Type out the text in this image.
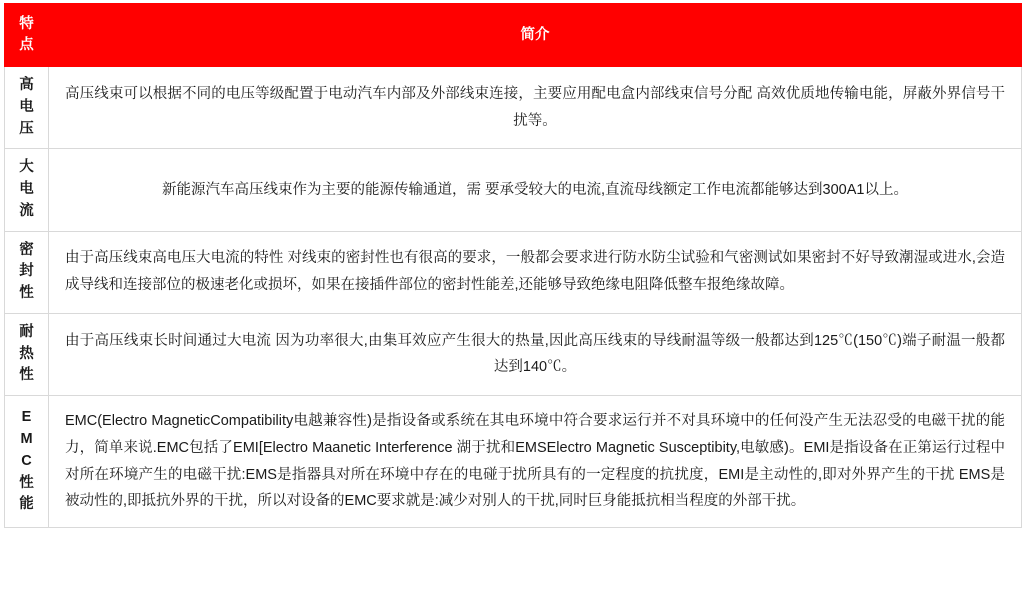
特点	简介
高电压	高压线束可以根据不同的电压等级配置于电动汽车内部及外部线束连接，主要应用配电盒内部线束信号分配 高效优质地传输电能，屏蔽外界信号干扰等。
大电流	新能源汽车高压线束作为主要的能源传输通道，需 要承受较大的电流,直流母线额定工作电流都能够达到300A1以上。
密封性	由于高压线束高电压大电流的特性 对线束的密封性也有很高的要求，一般都会要求进行防水防尘试验和气密测试如果密封不好导致潮湿或进水,会造成导线和连接部位的极速老化或损坏，如果在接插件部位的密封性能差,还能够导致绝缘电阻降低整车报绝缘故障。
耐热性	由于高压线束长时间通过大电流 因为功率很大,由集耳效应产生很大的热量,因此高压线束的导线耐温等级一般都达到125℃(150℃)端子耐温一般都达到140℃。
EMC性能	EMC(Electro MagneticCompatibility电越兼容性)是指设备或系统在其电环境中符合要求运行并不对具环境中的任何没产生无法忍受的电磁干扰的能力，简单来说.EMC包括了EMI[Electro Maanetic Interference 湖于扰和EMSElectro Magnetic Susceptibity,电敏感)。EMI是指设备在正第运行过程中对所在环境产生的电磁干扰:EMS是指器具对所在环境中存在的电碰于扰所具有的一定程度的抗扰度，EMI是主动性的,即对外界产生的干扰 EMS是被动性的,即抵抗外界的干扰，所以对设备的EMC要求就是:减少对别人的干扰,同时巨身能抵抗相当程度的外部干扰。
